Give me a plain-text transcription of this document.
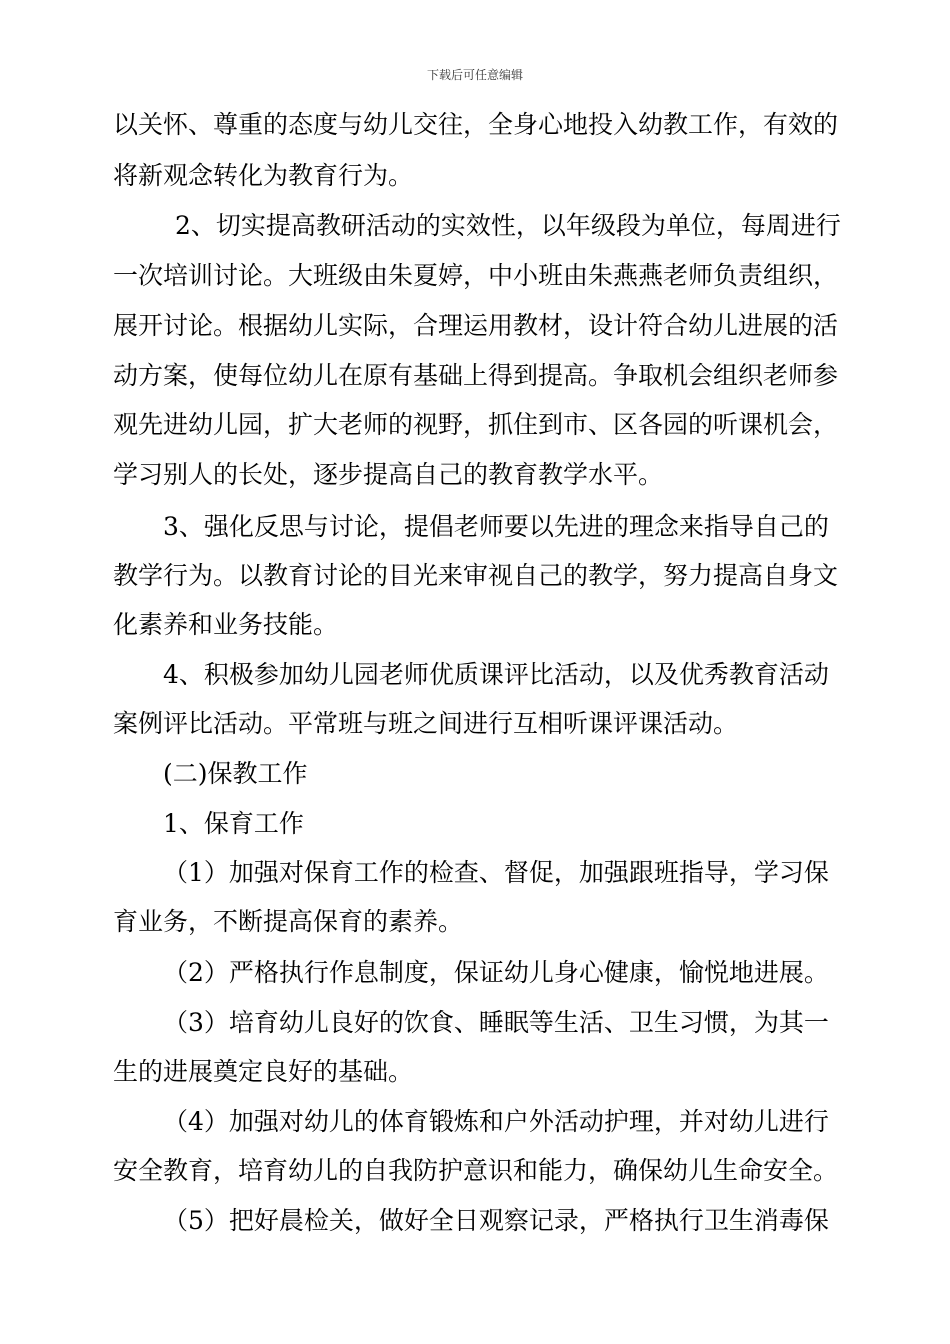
下载后可任意编辑
以关怀、尊重的态度与幼儿交往，全身心地投入幼教工作，有效的
将新观念转化为教育行为。
2、切实提高教研活动的实效性，以年级段为单位，每周进行
一次培训讨论。大班级由朱夏婷，中小班由朱燕燕老师负责组织，
展开讨论。根据幼儿实际，合理运用教材，设计符合幼儿进展的活
动方案，使每位幼儿在原有基础上得到提高。争取机会组织老师参
观先进幼儿园，扩大老师的视野，抓住到市、区各园的听课机会，
学习别人的长处，逐步提高自己的教育教学水平。
3、强化反思与讨论，提倡老师要以先进的理念来指导自己的
教学行为。以教育讨论的目光来审视自己的教学，努力提高自身文
化素养和业务技能。
4、积极参加幼儿园老师优质课评比活动，以及优秀教育活动
案例评比活动。平常班与班之间进行互相听课评课活动。
(二)保教工作
1、保育工作
（1）加强对保育工作的检查、督促，加强跟班指导，学习保
育业务，不断提高保育的素养。
（2）严格执行作息制度，保证幼儿身心健康，愉悦地进展。
（3）培育幼儿良好的饮食、睡眠等生活、卫生习惯，为其一
生的进展奠定良好的基础。
（4）加强对幼儿的体育锻炼和户外活动护理，并对幼儿进行
安全教育，培育幼儿的自我防护意识和能力，确保幼儿生命安全。
（5）把好晨检关，做好全日观察记录，严格执行卫生消毒保
